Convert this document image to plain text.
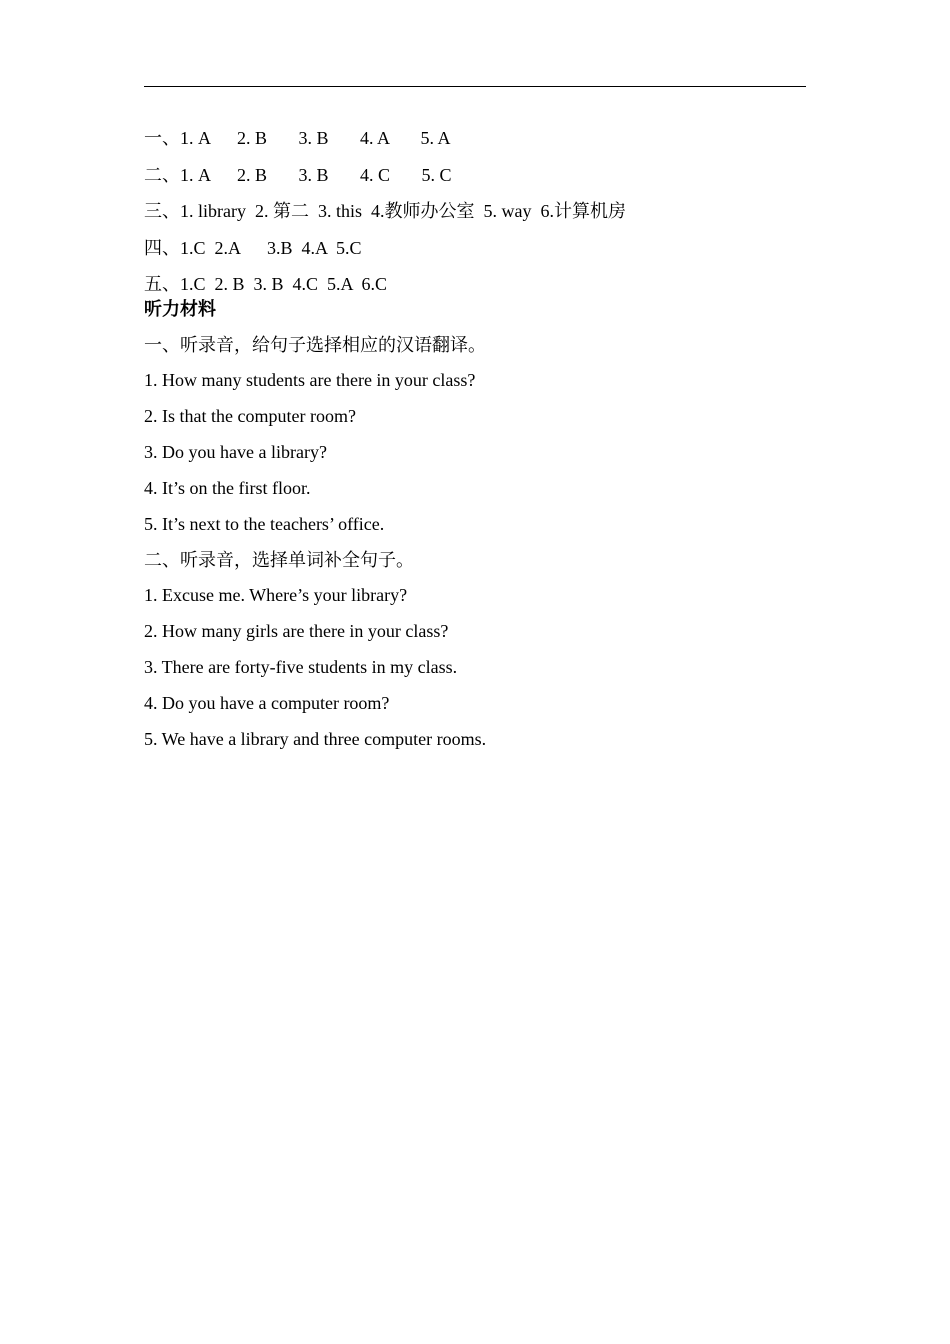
一、1. A      2. B       3. B       4. A       5. A
二、1. A      2. B       3. B       4. C       5. C
三、1. library  2. 第二  3. this  4.教师办公室  5. way  6.计算机房
四、1.C  2.A      3.B  4.A  5.C
五、1.C  2. B  3. B  4.C  5.A  6.C
听力材料
一、听录音，给句子选择相应的汉语翻译。
1. How many students are there in your class?
2. Is that the computer room?
3. Do you have a library?
4. It’s on the first floor.
5. It’s next to the teachers’ office.
二、听录音，选择单词补全句子。
1. Excuse me. Where’s your library?
2. How many girls are there in your class?
3. There are forty-five students in my class.
4. Do you have a computer room?
5. We have a library and three computer rooms.
